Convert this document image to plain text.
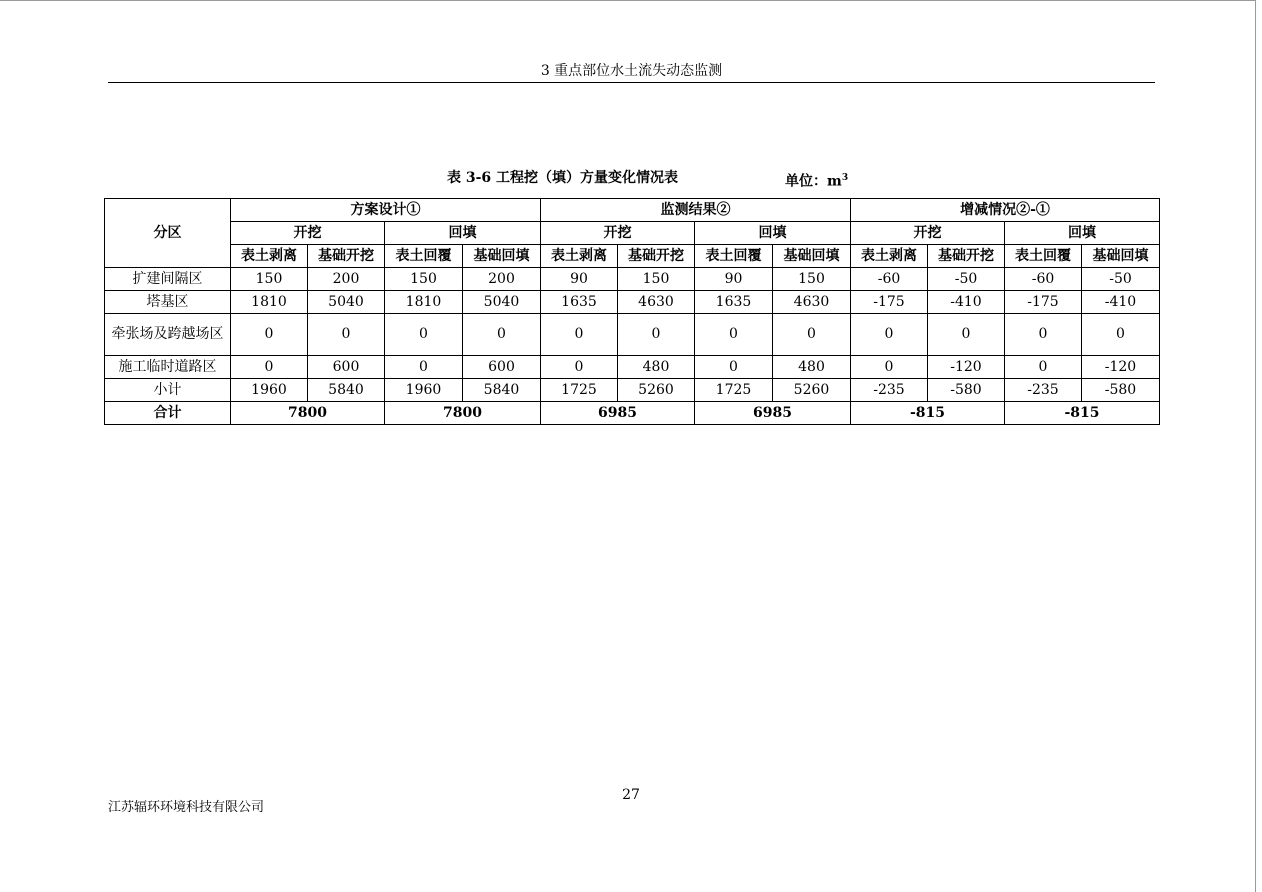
3 重点部位水土流失动态监测
表 3-6 工程挖（填）方量变化情况表	单位：$m^3$
分区	方案设计①				监测结果②				增减情况②-①			
	开挖		回填		开挖		回填		开挖		回填	
	表土剥离	基础开挖	表土回覆	基础回填	表土剥离	基础开挖	表土回覆	基础回填	表土剥离	基础开挖	表土回覆	基础回填
扩建间隔区	150	200	150	200	90	150	90	150	-60	-50	-60	-50
塔基区	1810	5040	1810	5040	1635	4630	1635	4630	-175	-410	-175	-410
牵张场及跨越场区	0	0	0	0	0	0	0	0	0	0	0	0
施工临时道路区	0	600	0	600	0	480	0	480	0	-120	0	-120
小计	1960	5840	1960	5840	1725	5260	1725	5260	-235	-580	-235	-580
合计	7800		7800		6985		6985		-815		-815	
27
江苏辐环环境科技有限公司
